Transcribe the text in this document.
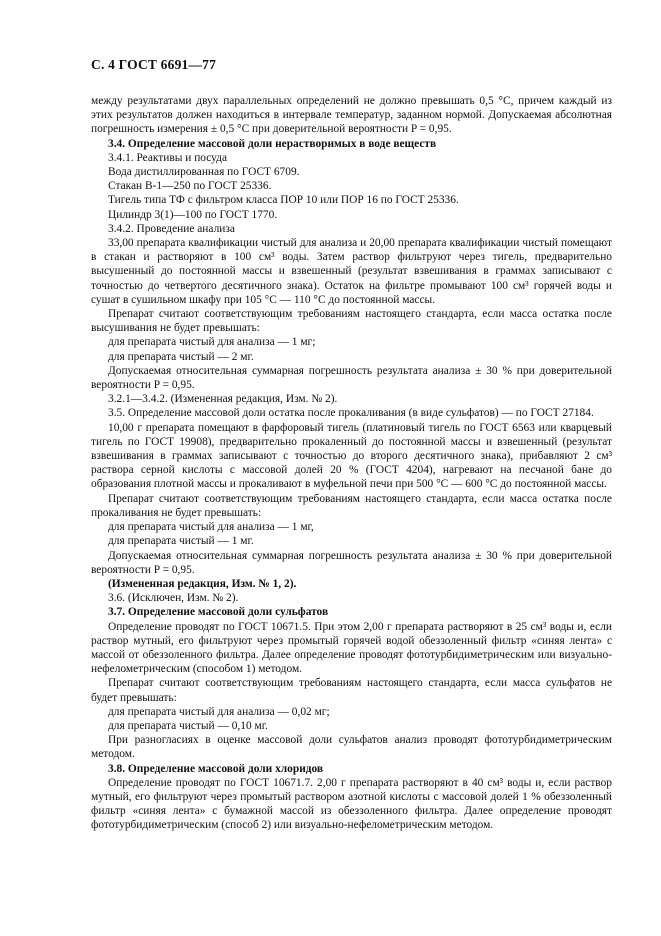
С. 4 ГОСТ 6691—77

между результатами двух параллельных определений не должно превышать 0,5 °С, причем каждый из этих результатов должен находиться в интервале температур, заданном нормой. Допускаемая абсолютная погрешность измерения ± 0,5 °С при доверительной вероятности P = 0,95.

3.4. Определение массовой доли нерастворимых в воде веществ

3.4.1. Реактивы и посуда

Вода дистиллированная по ГОСТ 6709.

Стакан В-1—250 по ГОСТ 25336.

Тигель типа ТФ с фильтром класса ПОР 10 или ПОР 16 по ГОСТ 25336.

Цилиндр 3(1)—100 по ГОСТ 1770.

3.4.2. Проведение анализа

33,00 препарата квалификации чистый для анализа и 20,00 препарата квалификации чистый помещают в стакан и растворяют в 100 см³ воды. Затем раствор фильтруют через тигель, предварительно высушенный до постоянной массы и взвешенный (результат взвешивания в граммах записывают с точностью до четвертого десятичного знака). Остаток на фильтре промывают 100 см³ горячей воды и сушат в сушильном шкафу при 105 °С — 110 °С до постоянной массы.

Препарат считают соответствующим требованиям настоящего стандарта, если масса остатка после высушивания не будет превышать:

для препарата чистый для анализа — 1 мг;

для препарата чистый — 2 мг.

Допускаемая относительная суммарная погрешность результата анализа ± 30 % при доверительной вероятности P = 0,95.

3.2.1—3.4.2. (Измененная редакция, Изм. № 2).

3.5. Определение массовой доли остатка после прокаливания (в виде сульфатов) — по ГОСТ 27184.

10,00 г препарата помещают в фарфоровый тигель (платиновый тигель по ГОСТ 6563 или кварцевый тигель по ГОСТ 19908), предварительно прокаленный до постоянной массы и взвешенный (результат взвешивания в граммах записывают с точностью до второго десятичного знака), прибавляют 2 см³ раствора серной кислоты с массовой долей 20 % (ГОСТ 4204), нагревают на песчаной бане до образования плотной массы и прокаливают в муфельной печи при 500 °С — 600 °С до постоянной массы.

Препарат считают соответствующим требованиям настоящего стандарта, если масса остатка после прокаливания не будет превышать:

для препарата чистый для анализа — 1 мг,

для препарата чистый — 1 мг.

Допускаемая относительная суммарная погрешность результата анализа ± 30 % при доверительной вероятности P = 0,95.

(Измененная редакция, Изм. № 1, 2).

3.6. (Исключен, Изм. № 2).

3.7. Определение массовой доли сульфатов

Определение проводят по ГОСТ 10671.5. При этом 2,00 г препарата растворяют в 25 см³ воды и, если раствор мутный, его фильтруют через промытый горячей водой обеззоленный фильтр «синяя лента» с массой от обеззоленного фильтра. Далее определение проводят фототурбидиметрическим или визуально-нефелометрическим (способом 1) методом.

Препарат считают соответствующим требованиям настоящего стандарта, если масса сульфатов не будет превышать:

для препарата чистый для анализа — 0,02 мг;

для препарата чистый — 0,10 мг.

При разногласиях в оценке массовой доли сульфатов анализ проводят фототурбидиметрическим методом.

3.8. Определение массовой доли хлоридов

Определение проводят по ГОСТ 10671.7. 2,00 г препарата растворяют в 40 см³ воды и, если раствор мутный, его фильтруют через промытый раствором азотной кислоты с массовой долей 1 % обеззоленный фильтр «синяя лента» с бумажной массой из обеззоленного фильтра. Далее определение проводят фототурбидиметрическим (способ 2) или визуально-нефелометрическим методом.
